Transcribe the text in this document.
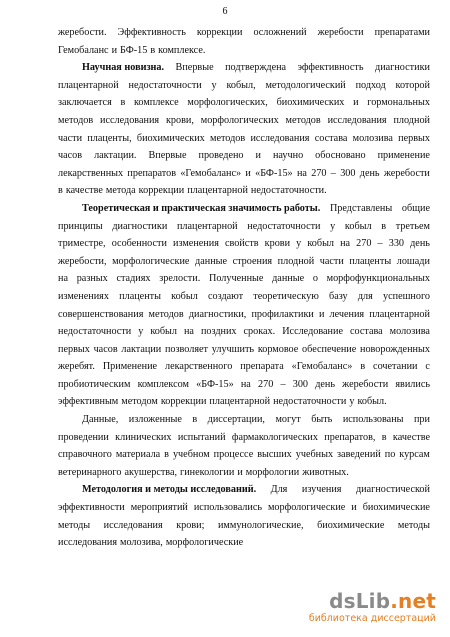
6
жеребости. Эффективность коррекции осложнений жеребости препаратами
Гемобаланс и БФ-15 в комплексе.
Научная новизна. Впервые подтверждена эффективность диагностики
плацентарной недостаточности у кобыл, методологический подход которой
заключается в комплексе морфологических, биохимических и гормональных
методов исследования крови, морфологических методов исследования плодной
части плаценты, биохимических методов исследования состава молозива первых
часов лактации. Впервые проведено и научно обосновано применение
лекарственных препаратов «Гемобаланс» и «БФ-15» на 270 – 300 день жеребости
в качестве метода коррекции плацентарной недостаточности.
Теоретическая и практическая значимость работы. Представлены общие
принципы диагностики плацентарной недостаточности у кобыл в третьем
триместре, особенности изменения свойств крови у кобыл на 270 – 330 день
жеребости, морфологические данные строения плодной части плаценты лошади
на разных стадиях зрелости. Полученные данные о морфофункциональных
изменениях плаценты кобыл создают теоретическую базу для успешного
совершенствования методов диагностики, профилактики и лечения плацентарной
недостаточности у кобыл на поздних сроках. Исследование состава молозива
первых часов лактации позволяет улучшить кормовое обеспечение новорожденных
жеребят. Применение лекарственного препарата «Гемобаланс» в сочетании с
пробиотическим комплексом «БФ-15» на 270 – 300 день жеребости явились
эффективным методом коррекции плацентарной недостаточности у кобыл.
Данные, изложенные в диссертации, могут быть использованы при
проведении клинических испытаний фармакологических препаратов, в качестве
справочного материала в учебном процессе высших учебных заведений по курсам
ветеринарного акушерства, гинекологии и морфологии животных.
Методология и методы исследований. Для изучения диагностической
эффективности мероприятий использовались морфологические и биохимические
методы исследования крови; иммунологические, биохимические методы
исследования молозива, морфологические
dsLib.net
библиотека диссертаций
